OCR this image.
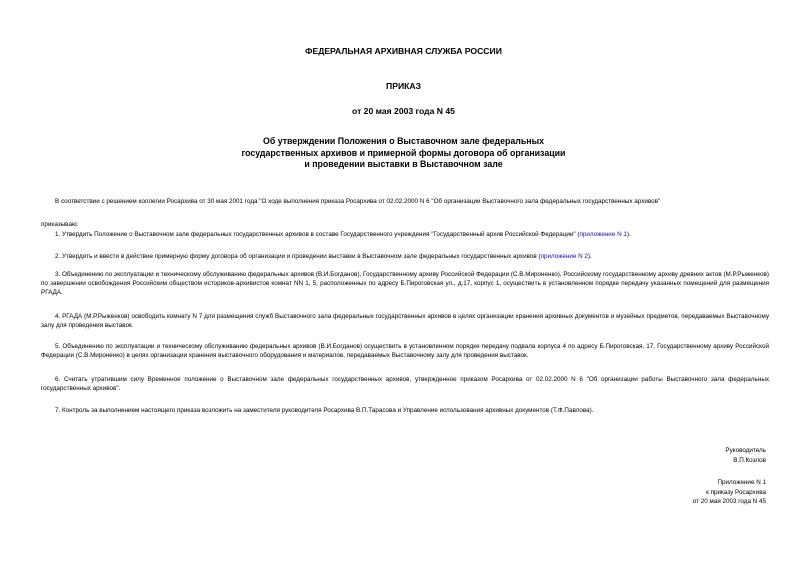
ФЕДЕРАЛЬНАЯ АРХИВНАЯ СЛУЖБА РОССИИ
ПРИКАЗ
от 20 мая 2003 года N 45
Об утверждении Положения о Выставочном зале федеральных
государственных архивов и примерной формы договора об организации
и проведении выставки в Выставочном зале

В соответствии с решением коллегии Росархива от 30 мая 2001 года "О ходе выполнения приказа Росархива от 02.02.2000 N 6 "Об организации Выставочного зала федеральных государственных архивов"

приказываю:

1. Утвердить Положение о Выставочном зале федеральных государственных архивов в составе Государственного учреждения "Государственный архив Российской Федерации" (приложение N 1).

2. Утвердить и ввести в действие примерную форму договора об организации и проведении выставки в Выставочном зале федеральных государственных архивов (приложение N 2).

3. Объединению по эксплуатации и техническому обслуживанию федеральных архивов (В.И.Богданов), Государственному архиву Российской Федерации (С.В.Мироненко), Российскому государственному архиву древних актов (М.Р.Рыженков) по завершении освобождения Российским обществом историков-архивистов комнат NN 1, 5, расположенных по адресу Б.Пироговская ул., д.17, корпус 1, осуществить в установленном порядке передачу указанных помещений для размещения РГАДА.

4. РГАДА (М.Р.Рыженков) освободить комнату N 7 для размещения служб Выставочного зала федеральных государственных архивов в целях организации хранения архивных документов и музейных предметов, передаваемых Выставочному залу для проведения выставок.

5. Объединению по эксплуатации и техническому обслуживанию федеральных архивов (В.И.Богданов) осуществить в установленном порядке передачу подвала корпуса 4 по адресу Б.Пироговская, 17, Государственному архиву Российской Федерации (С.В.Мироненко) в целях организации хранения выставочного оборудования и материалов, передаваемых Выставочному залу для проведения выставок.

6. Считать утратившим силу Временное положение о Выставочном зале федеральных государственных архивов, утвержденное приказом Росархива от 02.02.2000 N 6 "Об организации работы Выставочного зала федеральных государственных архивов".

7. Контроль за выполнением настоящего приказа возложить на заместителя руководителя Росархива В.П.Тарасова и Управление использования архивных документов (Т.Ф.Павлова).

Руководитель
В.П.Козлов
Приложение N 1
к приказу Росархива
от 20 мая 2003 года N 45
